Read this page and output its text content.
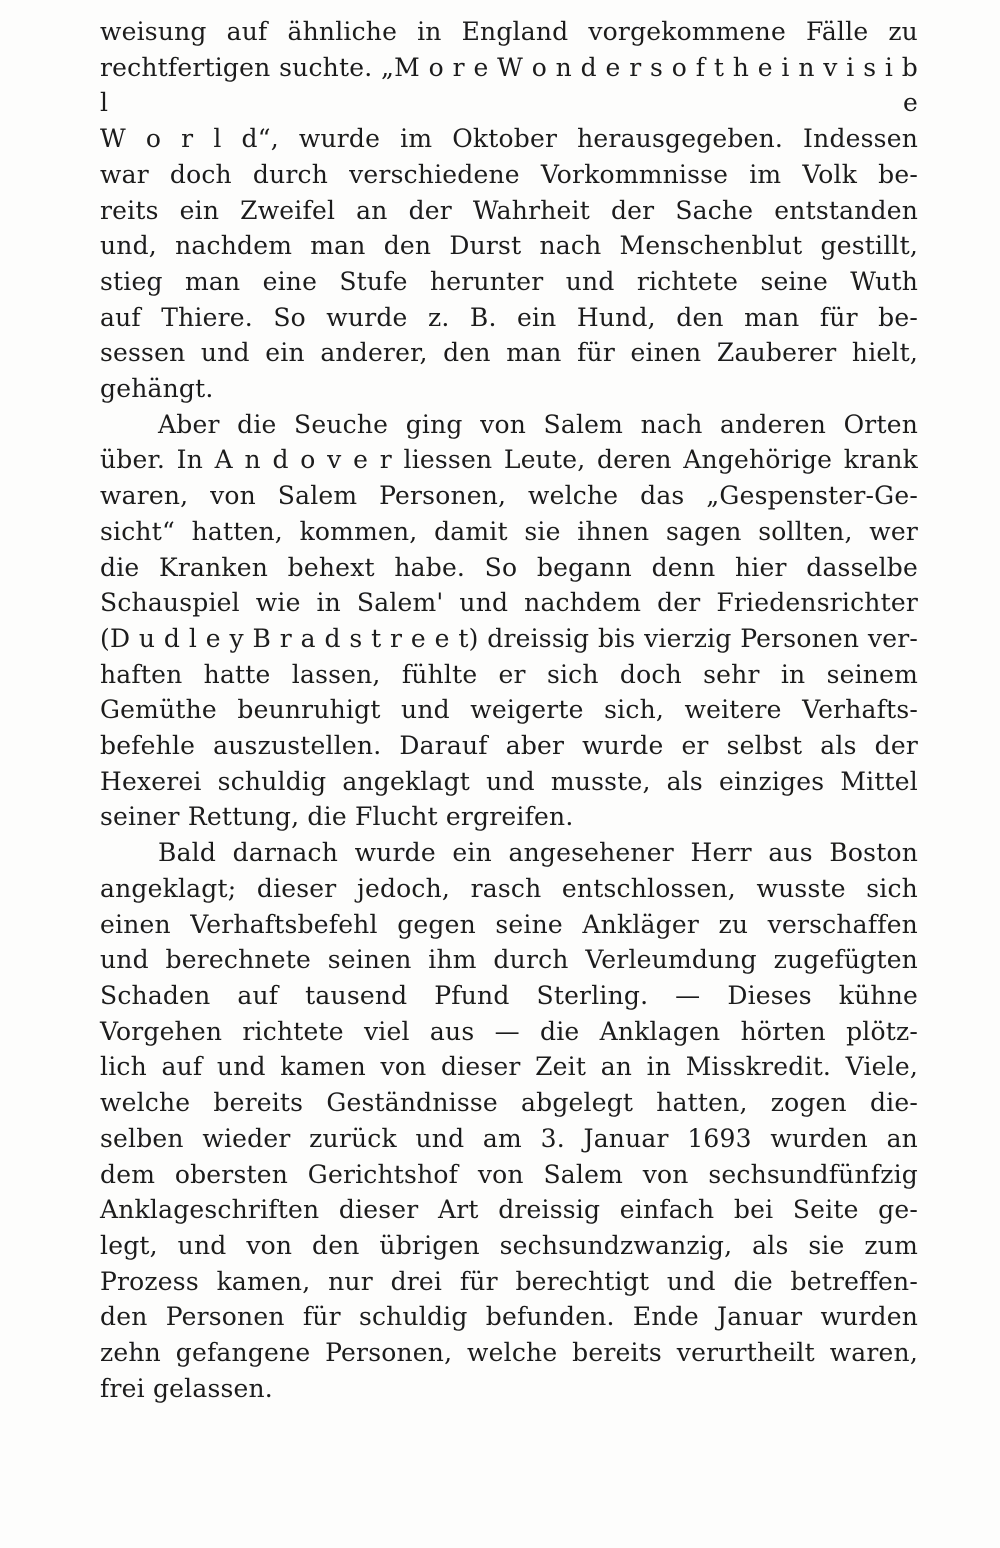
weisung auf ähnliche in England vorgekommene Fälle zu
rechtfertigen suchte. „M o r e W o n d e r s o f t h e i n v i s i b l e
W o r l d“, wurde im Oktober herausgegeben. Indessen
war doch durch verschiedene Vorkommnisse im Volk be-
reits ein Zweifel an der Wahrheit der Sache entstanden
und, nachdem man den Durst nach Menschenblut gestillt,
stieg man eine Stufe herunter und richtete seine Wuth
auf Thiere. So wurde z. B. ein Hund, den man für be-
sessen und ein anderer, den man für einen Zauberer hielt,
gehängt.
Aber die Seuche ging von Salem nach anderen Orten
über. In A n d o v e r liessen Leute, deren Angehörige krank
waren, von Salem Personen, welche das „Gespenster-Ge-
sicht“ hatten, kommen, damit sie ihnen sagen sollten, wer
die Kranken behext habe. So begann denn hier dasselbe
Schauspiel wie in Salem' und nachdem der Friedensrichter
(D u d l e y B r a d s t r e e t) dreissig bis vierzig Personen ver-
haften hatte lassen, fühlte er sich doch sehr in seinem
Gemüthe beunruhigt und weigerte sich, weitere Verhafts-
befehle auszustellen. Darauf aber wurde er selbst als der
Hexerei schuldig angeklagt und musste, als einziges Mittel
seiner Rettung, die Flucht ergreifen.
Bald darnach wurde ein angesehener Herr aus Boston
angeklagt; dieser jedoch, rasch entschlossen, wusste sich
einen Verhaftsbefehl gegen seine Ankläger zu verschaffen
und berechnete seinen ihm durch Verleumdung zugefügten
Schaden auf tausend Pfund Sterling. — Dieses kühne
Vorgehen richtete viel aus — die Anklagen hörten plötz-
lich auf und kamen von dieser Zeit an in Misskredit. Viele,
welche bereits Geständnisse abgelegt hatten, zogen die-
selben wieder zurück und am 3. Januar 1693 wurden an
dem obersten Gerichtshof von Salem von sechsundfünfzig
Anklageschriften dieser Art dreissig einfach bei Seite ge-
legt, und von den übrigen sechsundzwanzig, als sie zum
Prozess kamen, nur drei für berechtigt und die betreffen-
den Personen für schuldig befunden. Ende Januar wurden
zehn gefangene Personen, welche bereits verurtheilt waren,
frei gelassen.
